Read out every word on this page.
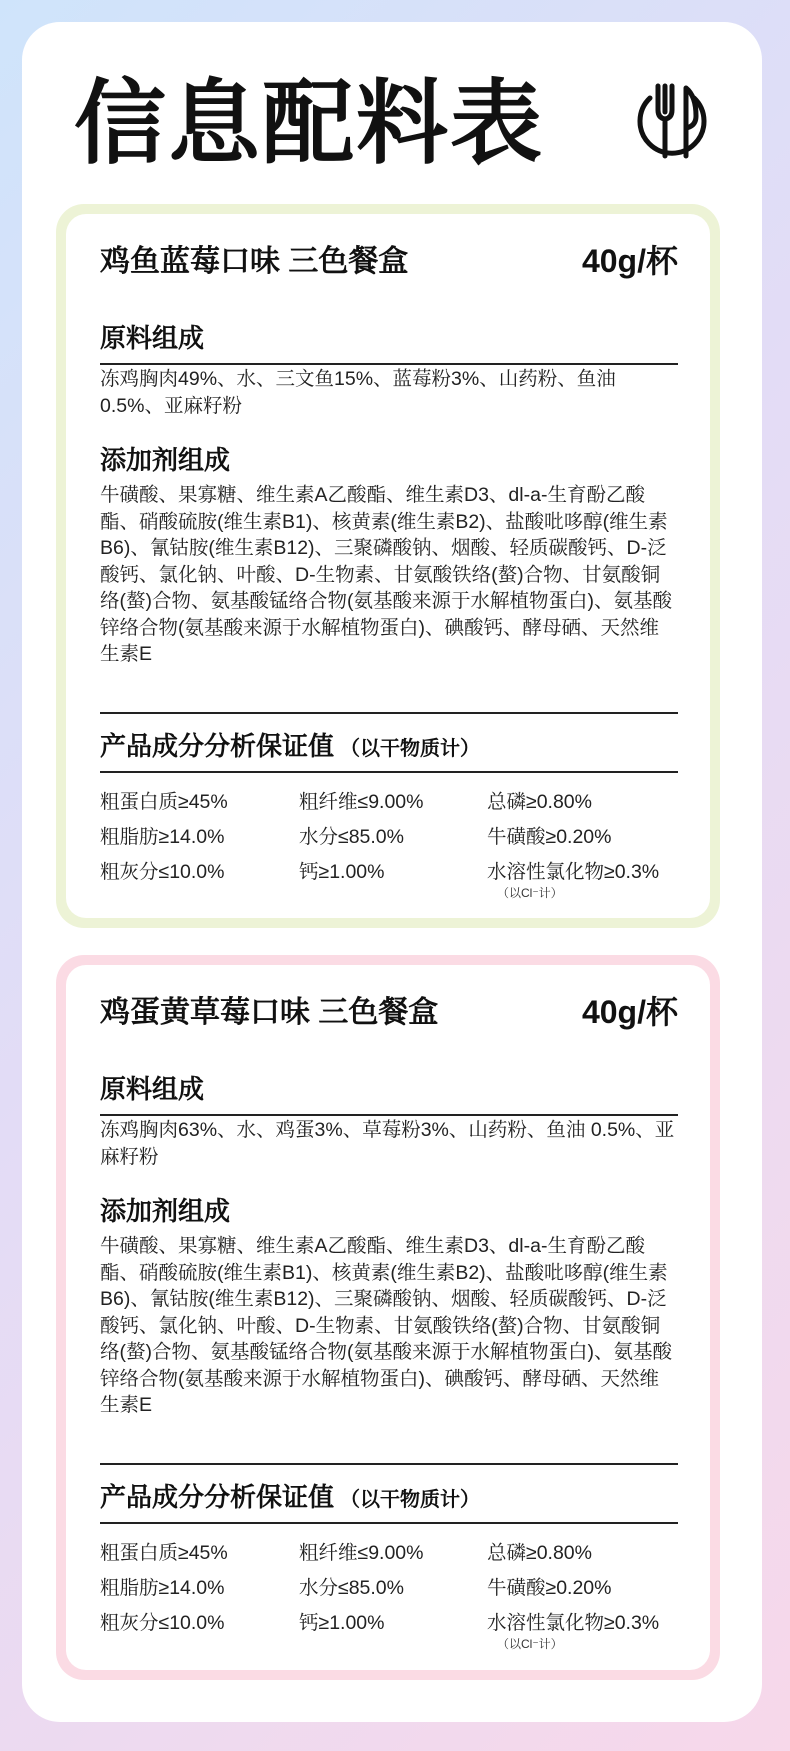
信息配料表
鸡鱼蓝莓口味 三色餐盒	40g/杯
原料组成
冻鸡胸肉49%、水、三文鱼15%、蓝莓粉3%、山药粉、鱼油 0.5%、亚麻籽粉
添加剂组成
牛磺酸、果寡糖、维生素A乙酸酯、维生素D3、dl-a-生育酚乙酸酯、硝酸硫胺(维生素B1)、核黄素(维生素B2)、盐酸吡哆醇(维生素B6)、氰钴胺(维生素B12)、三聚磷酸钠、烟酸、轻质碳酸钙、D-泛酸钙、氯化钠、叶酸、D-生物素、甘氨酸铁络(螯)合物、甘氨酸铜络(螯)合物、氨基酸锰络合物(氨基酸来源于水解植物蛋白)、氨基酸锌络合物(氨基酸来源于水解植物蛋白)、碘酸钙、酵母硒、天然维生素E
产品成分分析保证值 （以干物质计）
粗蛋白质≥45%	粗纤维≤9.00%	总磷≥0.80%
粗脂肪≥14.0%	水分≤85.0%	牛磺酸≥0.20%
粗灰分≤10.0%	钙≥1.00%	水溶性氯化物≥0.3%
（以Cl⁻计）
鸡蛋黄草莓口味 三色餐盒	40g/杯
原料组成
冻鸡胸肉63%、水、鸡蛋3%、草莓粉3%、山药粉、鱼油 0.5%、亚麻籽粉
添加剂组成
牛磺酸、果寡糖、维生素A乙酸酯、维生素D3、dl-a-生育酚乙酸酯、硝酸硫胺(维生素B1)、核黄素(维生素B2)、盐酸吡哆醇(维生素B6)、氰钴胺(维生素B12)、三聚磷酸钠、烟酸、轻质碳酸钙、D-泛酸钙、氯化钠、叶酸、D-生物素、甘氨酸铁络(螯)合物、甘氨酸铜络(螯)合物、氨基酸锰络合物(氨基酸来源于水解植物蛋白)、氨基酸锌络合物(氨基酸来源于水解植物蛋白)、碘酸钙、酵母硒、天然维生素E
产品成分分析保证值 （以干物质计）
粗蛋白质≥45%	粗纤维≤9.00%	总磷≥0.80%
粗脂肪≥14.0%	水分≤85.0%	牛磺酸≥0.20%
粗灰分≤10.0%	钙≥1.00%	水溶性氯化物≥0.3%
（以Cl⁻计）
